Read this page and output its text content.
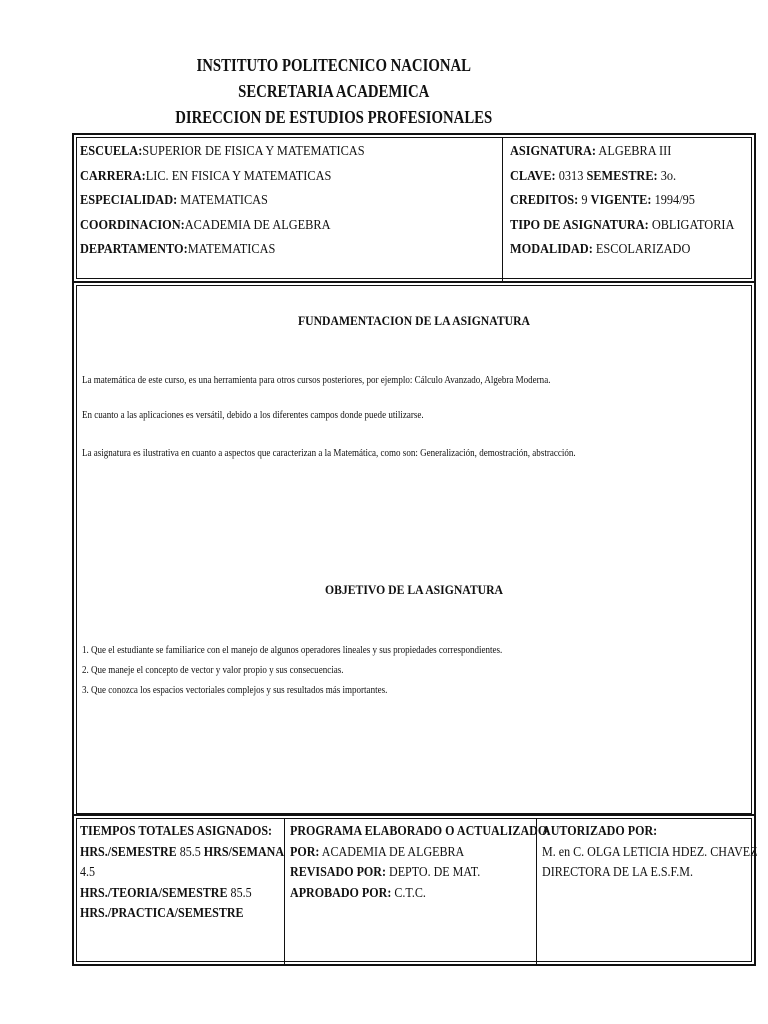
INSTITUTO POLITECNICO NACIONAL
SECRETARIA ACADEMICA
DIRECCION DE ESTUDIOS PROFESIONALES
ESCUELA:SUPERIOR DE FISICA Y MATEMATICAS
CARRERA:LIC. EN FISICA Y MATEMATICAS
ESPECIALIDAD: MATEMATICAS
COORDINACION:ACADEMIA DE ALGEBRA
DEPARTAMENTO:MATEMATICAS
ASIGNATURA: ALGEBRA III
CLAVE: 0313 SEMESTRE: 3o.
CREDITOS: 9 VIGENTE: 1994/95
TIPO DE ASIGNATURA: OBLIGATORIA
MODALIDAD: ESCOLARIZADO
FUNDAMENTACION DE LA ASIGNATURA
La matemática de este curso, es una herramienta para otros cursos posteriores, por ejemplo: Cálculo Avanzado, Algebra Moderna.
En cuanto a las aplicaciones es versátil, debido a los diferentes campos donde puede utilizarse.
La asignatura es ilustrativa en cuanto a aspectos que caracterizan a la Matemática, como son: Generalización, demostración, abstracción.
OBJETIVO DE LA ASIGNATURA
1. Que el estudiante se familiarice con el manejo de algunos operadores lineales y sus propiedades correspondientes.
2. Que maneje el concepto de vector y valor propio y sus consecuencias.
3. Que conozca los espacios vectoriales complejos y sus resultados más importantes.
TIEMPOS TOTALES ASIGNADOS:
HRS./SEMESTRE 85.5 HRS/SEMANA
4.5
HRS./TEORIA/SEMESTRE 85.5
HRS./PRACTICA/SEMESTRE
PROGRAMA ELABORADO O ACTUALIZADO
POR: ACADEMIA DE ALGEBRA
REVISADO POR: DEPTO. DE MAT.
APROBADO POR: C.T.C.
AUTORIZADO POR:
M. en C. OLGA LETICIA HDEZ. CHAVEZ
DIRECTORA DE LA E.S.F.M.
